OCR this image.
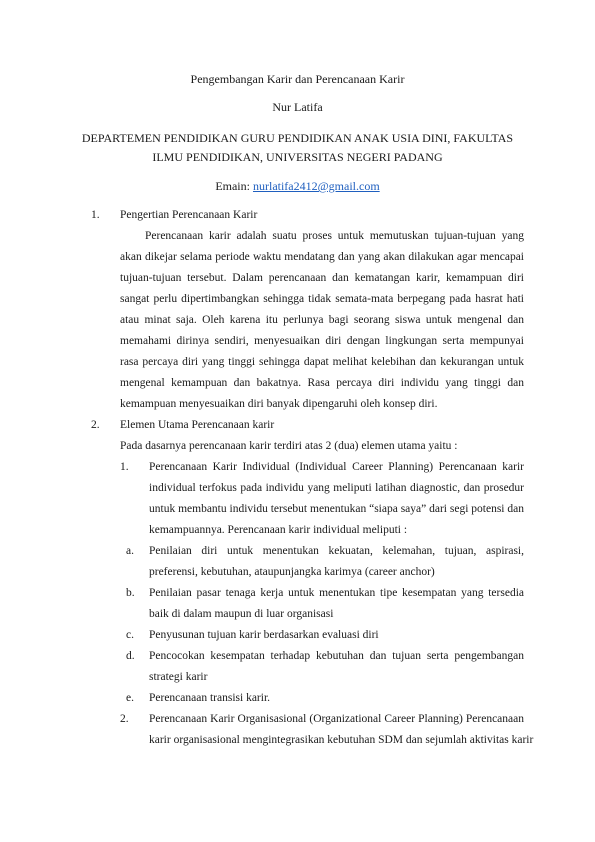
Pengembangan Karir dan Perencanaan Karir
Nur Latifa
DEPARTEMEN PENDIDIKAN GURU PENDIDIKAN ANAK USIA DINI, FAKULTAS
ILMU PENDIDIKAN, UNIVERSITAS NEGERI PADANG
Emain: nurlatifa2412@gmail.com
1. Pengertian Perencanaan Karir
Perencanaan karir adalah suatu proses untuk memutuskan tujuan-tujuan yang
akan dikejar selama periode waktu mendatang dan yang akan dilakukan agar mencapai
tujuan-tujuan tersebut. Dalam perencanaan dan kematangan karir, kemampuan diri
sangat perlu dipertimbangkan sehingga tidak semata-mata berpegang pada hasrat hati
atau minat saja. Oleh karena itu perlunya bagi seorang siswa untuk mengenal dan
memahami dirinya sendiri, menyesuaikan diri dengan lingkungan serta mempunyai
rasa percaya diri yang tinggi sehingga dapat melihat kelebihan dan kekurangan untuk
mengenal kemampuan dan bakatnya. Rasa percaya diri individu yang tinggi dan
kemampuan menyesuaikan diri banyak dipengaruhi oleh konsep diri.
2. Elemen Utama Perencanaan karir
Pada dasarnya perencanaan karir terdiri atas 2 (dua) elemen utama yaitu :
1. Perencanaan Karir Individual (Individual Career Planning) Perencanaan karir
individual terfokus pada individu yang meliputi latihan diagnostic, dan prosedur
untuk membantu individu tersebut menentukan “siapa saya” dari segi potensi dan
kemampuannya. Perencanaan karir individual meliputi :
a. Penilaian diri untuk menentukan kekuatan, kelemahan, tujuan, aspirasi,
preferensi, kebutuhan, ataupunjangka karimya (career anchor)
b. Penilaian pasar tenaga kerja untuk menentukan tipe kesempatan yang tersedia
baik di dalam maupun di luar organisasi
c. Penyusunan tujuan karir berdasarkan evaluasi diri
d. Pencocokan kesempatan terhadap kebutuhan dan tujuan serta pengembangan
strategi karir
e. Perencanaan transisi karir.
2. Perencanaan Karir Organisasional (Organizational Career Planning) Perencanaan
karir organisasional mengintegrasikan kebutuhan SDM dan sejumlah aktivitas karir
